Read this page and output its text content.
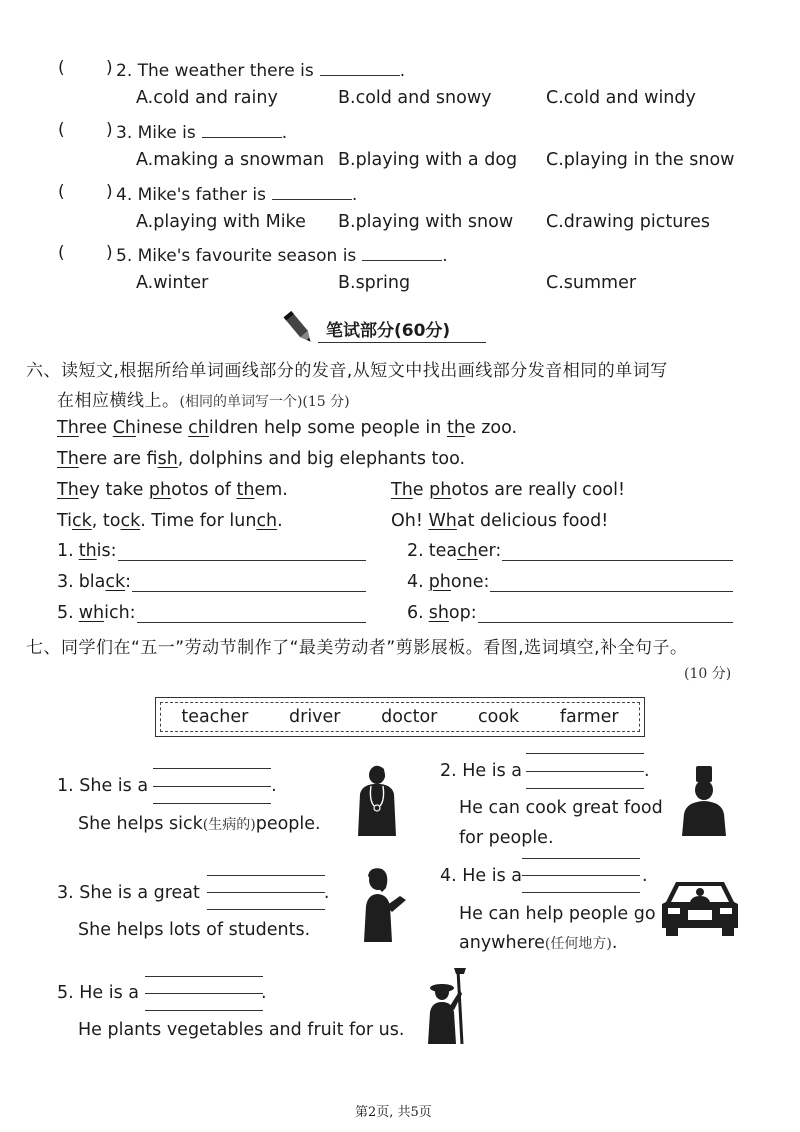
( ) 2. The weather there is	.
A.cold and rainy	B.cold and snowy	C.cold and windy
( ) 3. Mike is	.
A.making a snowman B.playing with a dog C.playing in the snow
( ) 4. Mike's father is	.
A.playing with Mike B.playing with snow C.drawing pictures
( ) 5. Mike's favourite season is	.
A.winter	B.spring	C.summer
笔试部分(60分)
六、读短文,根据所给单词画线部分的发音,从短文中找出画线部分发音相同的单词写
在相应横线上。(相同的单词写一个)(15 分)
Three Chinese children help some people in the zoo.
There are fish, dolphins and big elephants too.
They take photos of them.	The photos are really cool!
Tick, tock. Time for lunch.	Oh! What delicious food!
1. this:	2. teacher:
3. black:	4. phone:
5. which:	6. shop:
七、同学们在“五一”劳动节制作了“最美劳动者”剪影展板。看图,选词填空,补全句子。
(10 分)
teacher driver doctor cook farmer
1. She is a	.
She helps sick(生病的)people.
2. He is a	.
He can cook great food
for people.
3. She is a great	.
She helps lots of students.
4. He is a	.
He can help people go
anywhere(任何地方).
5. He is a	.
He plants vegetables and fruit for us.
第2页, 共5页
